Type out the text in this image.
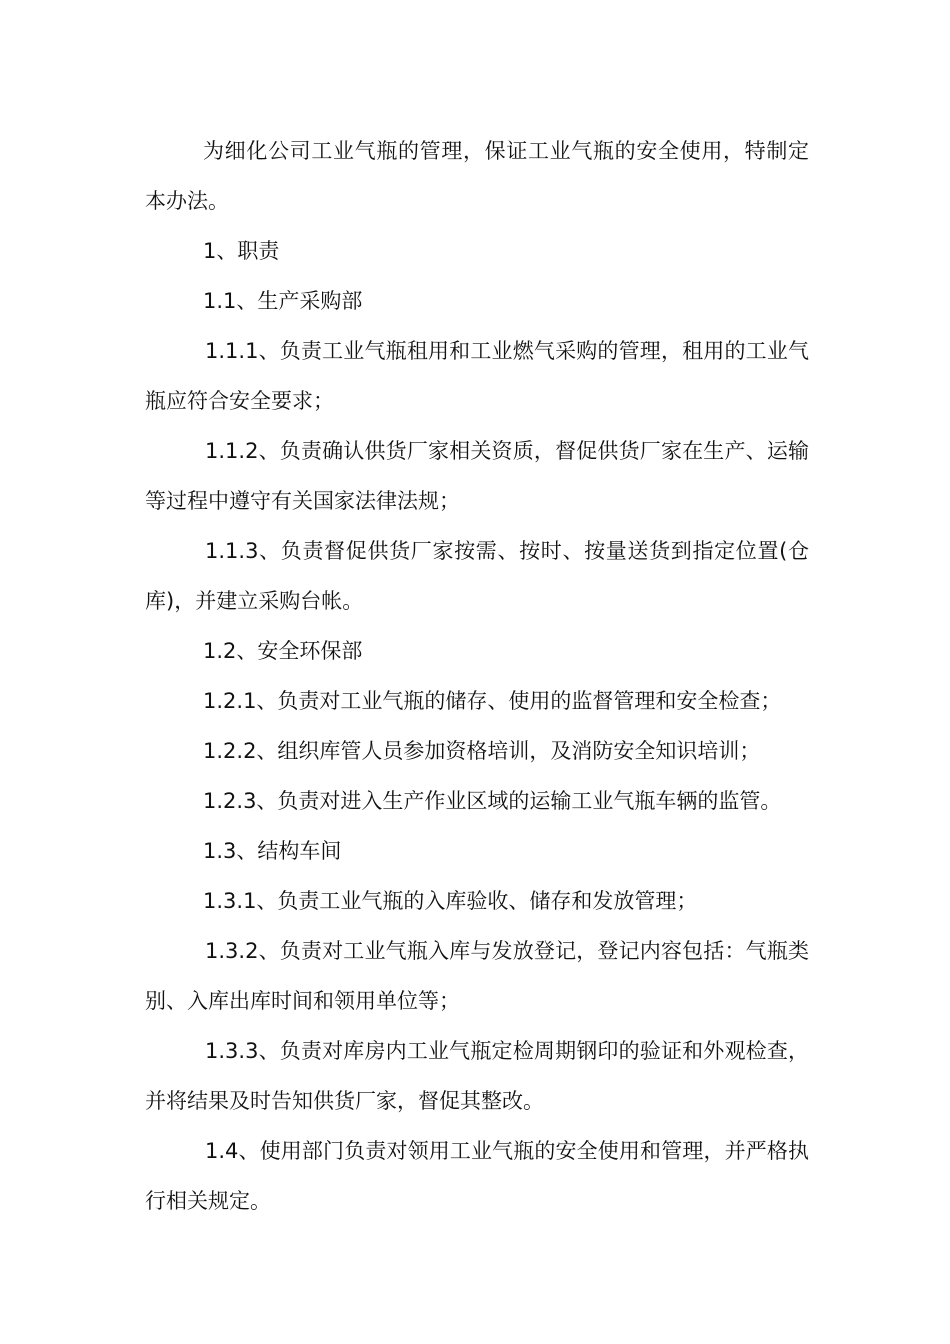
为细化公司工业气瓶的管理，保证工业气瓶的安全使用，特制定本办法。

1、职责

1.1、生产采购部

1.1.1、负责工业气瓶租用和工业燃气采购的管理，租用的工业气瓶应符合安全要求；

1.1.2、负责确认供货厂家相关资质，督促供货厂家在生产、运输等过程中遵守有关国家法律法规；

1.1.3、负责督促供货厂家按需、按时、按量送货到指定位置(仓库)，并建立采购台帐。

1.2、安全环保部

1.2.1、负责对工业气瓶的储存、使用的监督管理和安全检查；

1.2.2、组织库管人员参加资格培训，及消防安全知识培训；

1.2.3、负责对进入生产作业区域的运输工业气瓶车辆的监管。

1.3、结构车间

1.3.1、负责工业气瓶的入库验收、储存和发放管理；

1.3.2、负责对工业气瓶入库与发放登记，登记内容包括：气瓶类别、入库出库时间和领用单位等；

1.3.3、负责对库房内工业气瓶定检周期钢印的验证和外观检查，并将结果及时告知供货厂家，督促其整改。

1.4、使用部门负责对领用工业气瓶的安全使用和管理，并严格执行相关规定。
